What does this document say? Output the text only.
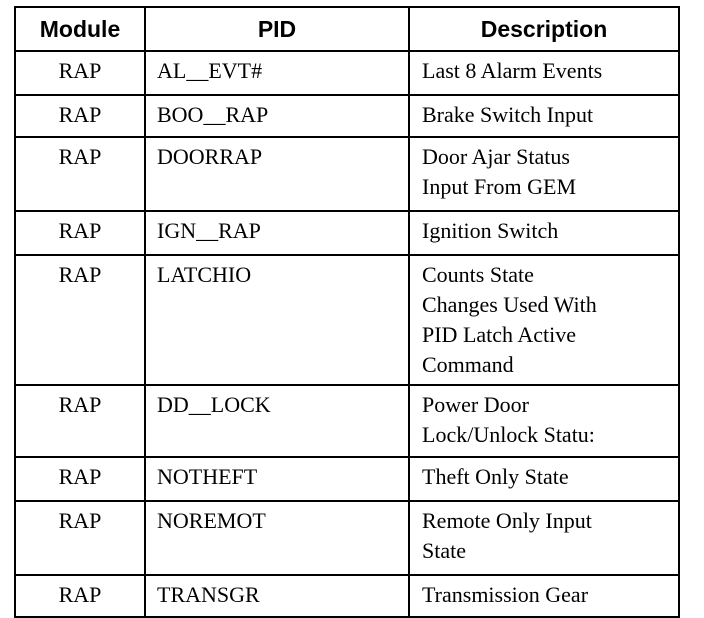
Module	PID	Description
RAP	AL__EVT#	Last 8 Alarm Events

RAP	BOO__RAP	Brake Switch Input

RAP	DOORRAP	Door Ajar Status
Input From GEM

RAP	IGN__RAP	Ignition Switch

RAP	LATCHIO	Counts State
Changes Used With
PID Latch Active
Command

RAP	DD__LOCK	Power Door
Lock/Unlock Statu:

RAP	NOTHEFT	Theft Only State

RAP	NOREMOT	Remote Only Input
State

RAP	TRANSGR	Transmission Gear
